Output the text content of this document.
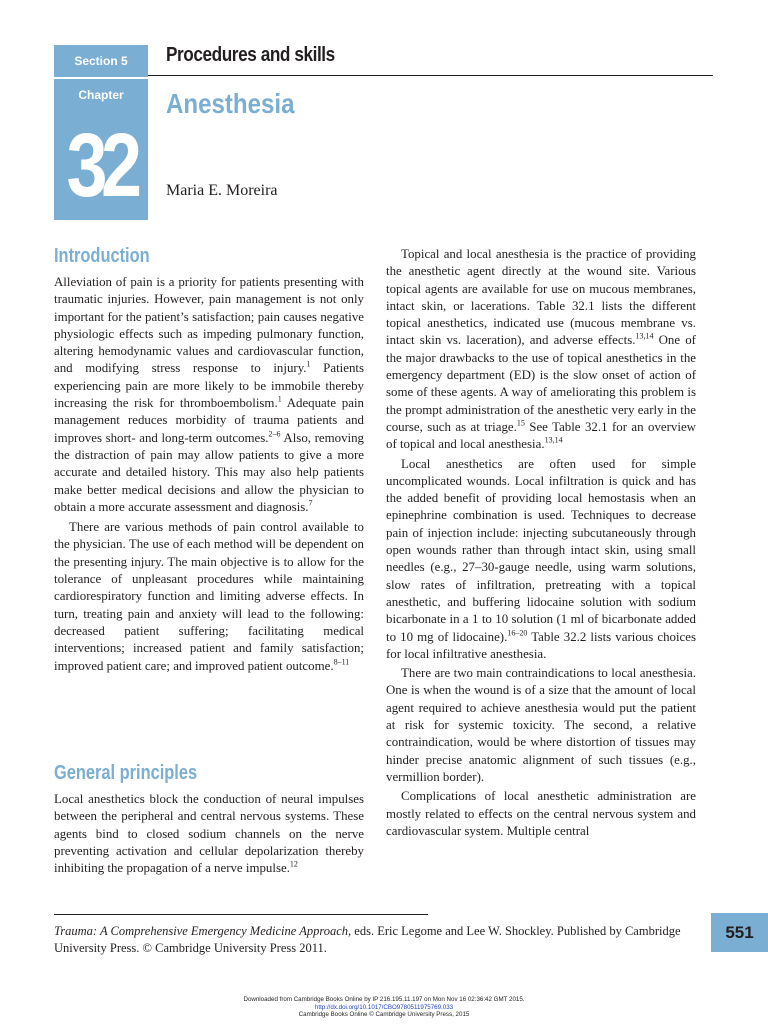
Section 5 Procedures and skills
Chapter
32
Anesthesia
Maria E. Moreira
Introduction

Alleviation of pain is a priority for patients presenting with traumatic injuries. However, pain management is not only important for the patient’s satisfaction; pain causes negative physiologic effects such as impeding pulmonary function, altering hemodynamic values and cardiovascular function, and modifying stress response to injury.$^1$ Patients experiencing pain are more likely to be immobile thereby increasing the risk for thromboembolism.$^1$ Adequate pain management reduces morbidity of trauma patients and improves short- and long-term outcomes.$^{2-6}$ Also, removing the distraction of pain may allow patients to give a more accurate and detailed history. This may also help patients make better medical decisions and allow the physician to obtain a more accurate assessment and diagnosis.$^7$

There are various methods of pain control available to the physician. The use of each method will be dependent on the presenting injury. The main objective is to allow for the tolerance of unpleasant procedures while maintaining cardiorespiratory function and limiting adverse effects. In turn, treating pain and anxiety will lead to the following: decreased patient suffering; facilitating medical interventions; increased patient and family satisfaction; improved patient care; and improved patient outcome.$^{8-11}$

General principles

Local anesthetics block the conduction of neural impulses between the peripheral and central nervous systems. These agents bind to closed sodium channels on the nerve preventing activation and cellular depolarization thereby inhibiting the propagation of a nerve impulse.$^{12}$

Topical and local anesthesia is the practice of providing the anesthetic agent directly at the wound site. Various topical agents are available for use on mucous membranes, intact skin, or lacerations. Table 32.1 lists the different topical anesthetics, indicated use (mucous membrane vs. intact skin vs. laceration), and adverse effects.$^{13,14}$ One of the major drawbacks to the use of topical anesthetics in the emergency department (ED) is the slow onset of action of some of these agents. A way of ameliorating this problem is the prompt administration of the anesthetic very early in the course, such as at triage.$^{15}$ See Table 32.1 for an overview of topical and local anesthesia.$^{13,14}$

Local anesthetics are often used for simple uncomplicated wounds. Local infiltration is quick and has the added benefit of providing local hemostasis when an epinephrine combination is used. Techniques to decrease pain of injection include: injecting subcutaneously through open wounds rather than through intact skin, using small needles (e.g., 27–30-gauge needle, using warm solutions, slow rates of infiltration, pretreating with a topical anesthetic, and buffering lidocaine solution with sodium bicarbonate in a 1 to 10 solution (1 ml of bicarbonate added to 10 mg of lidocaine).$^{16-20}$ Table 32.2 lists various choices for local infiltrative anesthesia.

There are two main contraindications to local anesthesia. One is when the wound is of a size that the amount of local agent required to achieve anesthesia would put the patient at risk for systemic toxicity. The second, a relative contraindication, would be where distortion of tissues may hinder precise anatomic alignment of such tissues (e.g., vermillion border).

Complications of local anesthetic administration are mostly related to effects on the central nervous system and cardiovascular system. Multiple central

Trauma: A Comprehensive Emergency Medicine Approach, eds. Eric Legome and Lee W. Shockley. Published by Cambridge University Press. © Cambridge University Press 2011.
551
Downloaded from Cambridge Books Online by IP 216.195.11.197 on Mon Nov 16 02:36:42 GMT 2015.
http://dx.doi.org/10.1017/CBO9780511975769.033
Cambridge Books Online © Cambridge University Press, 2015
